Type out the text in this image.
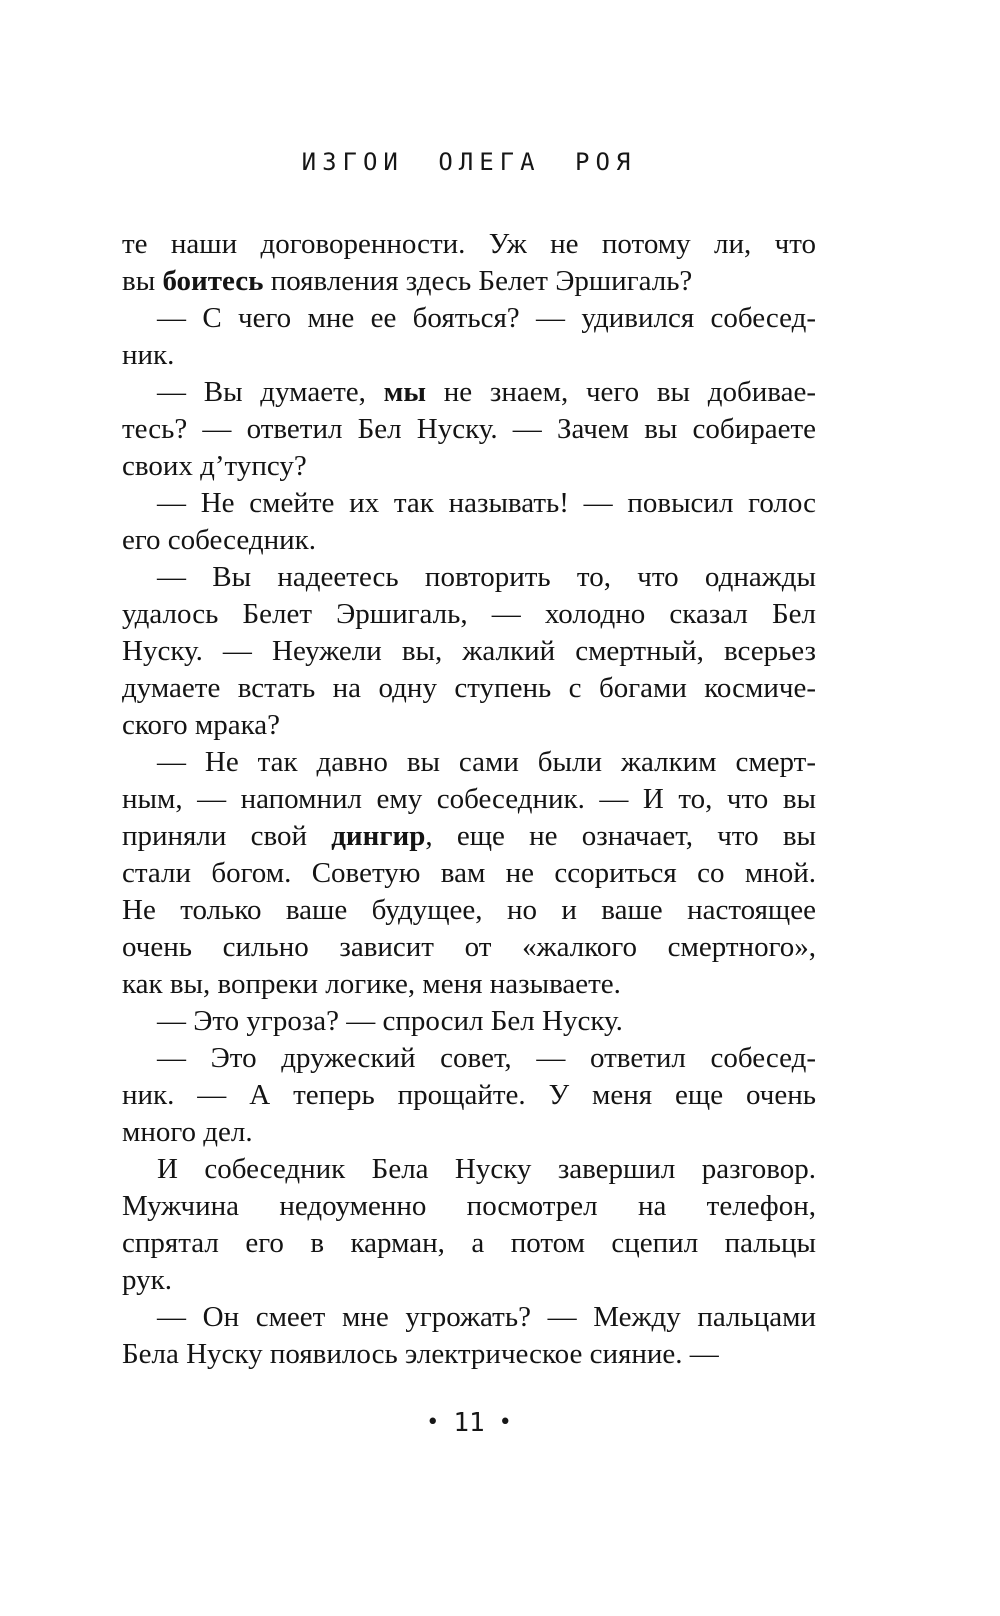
ИЗГОИ ОЛЕГА РОЯ
те наши договоренности. Уж не потому ли, что
вы боитесь появления здесь Белет Эршигаль?
— С чего мне ее бояться? — удивился собесед-
ник.
— Вы думаете, мы не знаем, чего вы добивае-
тесь? — ответил Бел Нуску. — Зачем вы собираете
своих д’тупсу?
— Не смейте их так называть! — повысил голос
его собеседник.
— Вы надеетесь повторить то, что однажды
удалось Белет Эршигаль, — холодно сказал Бел
Нуску. — Неужели вы, жалкий смертный, всерьез
думаете встать на одну ступень с богами космиче-
ского мрака?
— Не так давно вы сами были жалким смерт-
ным, — напомнил ему собеседник. — И то, что вы
приняли свой дингир, еще не означает, что вы
стали богом. Советую вам не ссориться со мной.
Не только ваше будущее, но и ваше настоящее
очень сильно зависит от «жалкого смертного»,
как вы, вопреки логике, меня называете.
— Это угроза? — спросил Бел Нуску.
— Это дружеский совет, — ответил собесед-
ник. — А теперь прощайте. У меня еще очень
много дел.
И собеседник Бела Нуску завершил разговор.
Мужчина недоуменно посмотрел на телефон,
спрятал его в карман, а потом сцепил пальцы
рук.
— Он смеет мне угрожать? — Между пальцами
Бела Нуску появилось электрическое сияние. —
• 11 •
